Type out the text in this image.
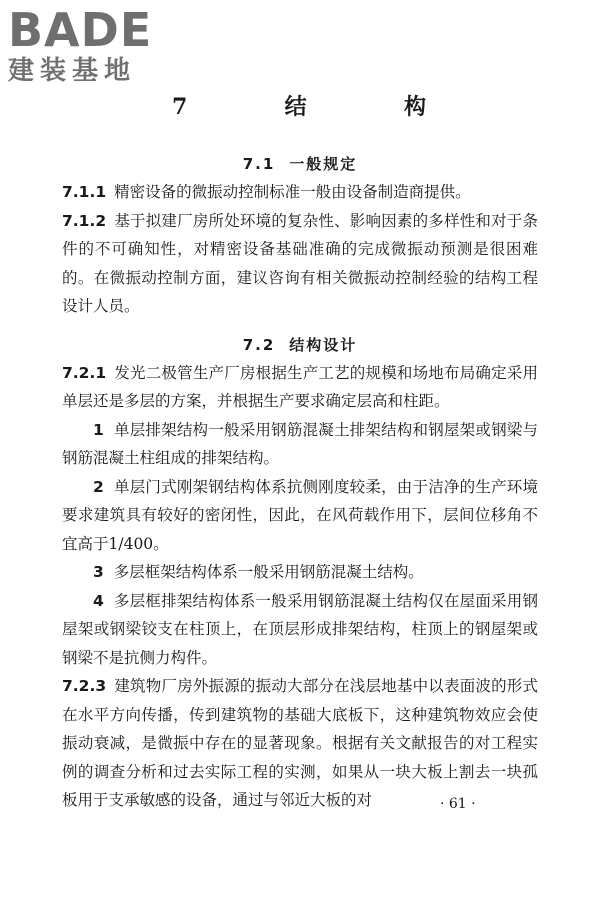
BADE
建装基地
7	结	构
7.1 一般规定

7.1.1 精密设备的微振动控制标准一般由设备制造商提供。

7.1.2 基于拟建厂房所处环境的复杂性、影响因素的多样性和对于条件的不可确知性，对精密设备基础准确的完成微振动预测是很困难的。在微振动控制方面，建议咨询有相关微振动控制经验的结构工程设计人员。

7.2 结构设计

7.2.1 发光二极管生产厂房根据生产工艺的规模和场地布局确定采用单层还是多层的方案，并根据生产要求确定层高和柱距。

1 单层排架结构一般采用钢筋混凝土排架结构和钢屋架或钢梁与钢筋混凝土柱组成的排架结构。

2 单层门式刚架钢结构体系抗侧刚度较柔，由于洁净的生产环境要求建筑具有较好的密闭性，因此，在风荷载作用下，层间位移角不宜高于1/400。

3 多层框架结构体系一般采用钢筋混凝土结构。

4 多层框排架结构体系一般采用钢筋混凝土结构仅在屋面采用钢屋架或钢梁铰支在柱顶上，在顶层形成排架结构，柱顶上的钢屋架或钢梁不是抗侧力构件。

7.2.3 建筑物厂房外振源的振动大部分在浅层地基中以表面波的形式在水平方向传播，传到建筑物的基础大底板下，这种建筑物效应会使振动衰减，是微振中存在的显著现象。根据有关文献报告的对工程实例的调查分析和过去实际工程的实测，如果从一块大板上割去一块孤板用于支承敏感的设备，通过与邻近大板的对	· 61 ·
